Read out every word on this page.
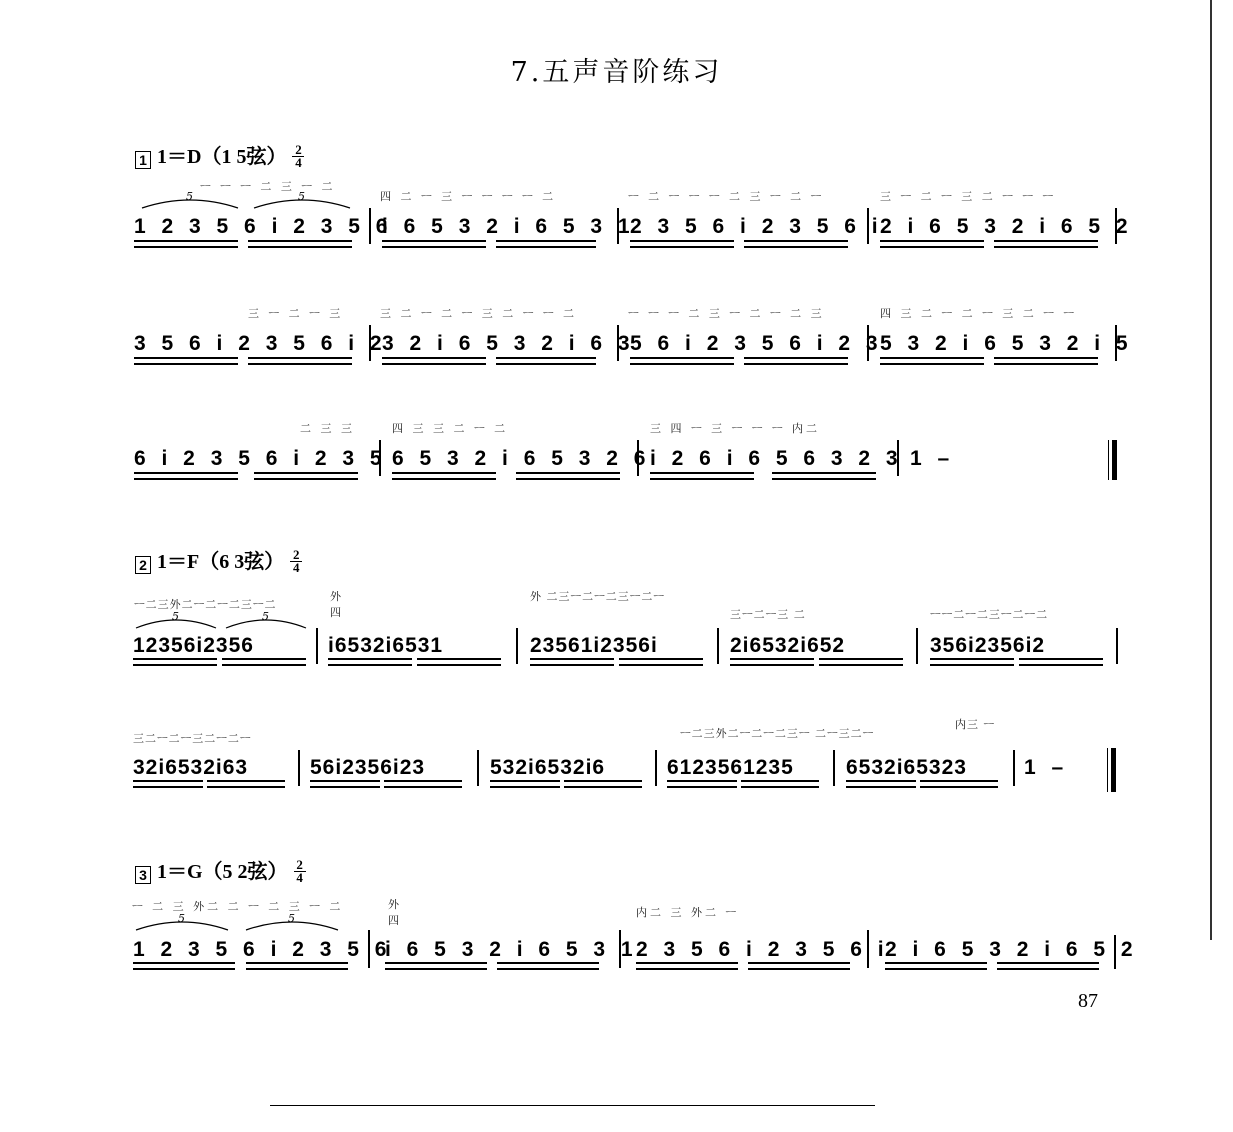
7.五声音阶练习
1 1＝D（1 5弦） 2
4
5	5
ㅡ ㅡ ㅡ 二 三 ㅡ 二
四 二 ㅡ 三 ㅡ ㅡ ㅡ ㅡ 二	ㅡ 二 ㅡ ㅡ ㅡ 二 三 ㅡ 二 ㅡ	三 ㅡ 二 ㅡ 三 二 ㅡ ㅡ ㅡ
1 2 3 5 6 i 2 3 5 6
i 6 5 3 2 i 6 5 3 1
2 3 5 6 i 2 3 5 6 i
2 i 6 5 3 2 i 6 5 2
三 ㅡ 二 ㅡ 三	三 二 ㅡ 二 ㅡ 三 二 ㅡ ㅡ 二	ㅡ ㅡ ㅡ 二 三 ㅡ 二 ㅡ 二 三	四 三 二 ㅡ 二 ㅡ 三 二 ㅡ ㅡ
3 5 6 i 2 3 5 6 i 2
3 2 i 6 5 3 2 i 6 3
5 6 i 2 3 5 6 i 2 3
5 3 2 i 6 5 3 2 i 5
二 三 三	四 三 三 二 ㅡ 二	三 四 ㅡ 三 ㅡ ㅡ ㅡ 内二
6 i 2 3 5 6 i 2 3 5 6 5 3 2 i 6 5 3 2 6 i 2 6 i 6 5 6 3 2 3 1 –
2 1＝F（6 3弦） 2
4
5	5
ㅡ二三外二ㅡ二ㅡ二三ㅡ二
外四
外 二三ㅡ二ㅡ二三ㅡ二ㅡ
三ㅡ二ㅡ三 二	ㅡㅡ二ㅡ二三ㅡ二ㅡ二
12356i2356	i6532i6531	23561i2356i	2i6532i652	356i2356i2
三二ㅡ二ㅡ三二ㅡ二ㅡ	ㅡ二三外二ㅡ二ㅡ二三ㅡ 二ㅡ三二ㅡ
内三 ㅡ
32i6532i63	56i2356i23	532i6532i6	6123561235 6532i65323	1 –
3 1＝G（5 2弦） 2
4
5	5
ㅡ 二 三 外二 二 ㅡ 二 三 ㅡ 二	外四
内二 三 外二 ㅡ
1 2 3 5 6 i 2 3 5 6
i 6 5 3 2 i 6 5 3 1
2 3 5 6 i 2 3 5 6 i
2 i 6 5 3 2 i 6 5 2
87
